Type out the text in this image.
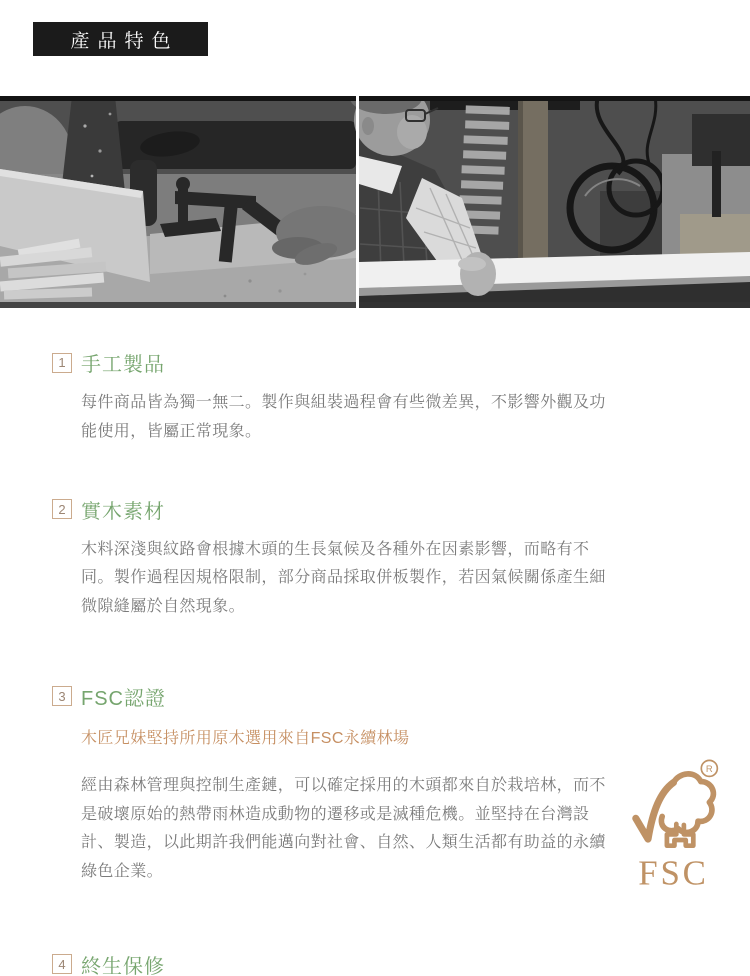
產品特色
1 手工製品
每件商品皆為獨一無二。製作與組裝過程會有些微差異，不影響外觀及功能使用，皆屬正常現象。
2 實木素材
木料深淺與紋路會根據木頭的生長氣候及各種外在因素影響，而略有不同。製作過程因規格限制，部分商品採取併板製作，若因氣候關係產生細微隙縫屬於自然現象。
3 FSC認證
木匠兄妹堅持所用原木選用來自FSC永續林場
經由森林管理與控制生產鏈，可以確定採用的木頭都來自於栽培林，而不是破壞原始的熱帶雨林造成動物的遷移或是滅種危機。並堅持在台灣設計、製造，以此期許我們能邁向對社會、自然、人類生活都有助益的永續綠色企業。
R
FSC
4 終生保修
